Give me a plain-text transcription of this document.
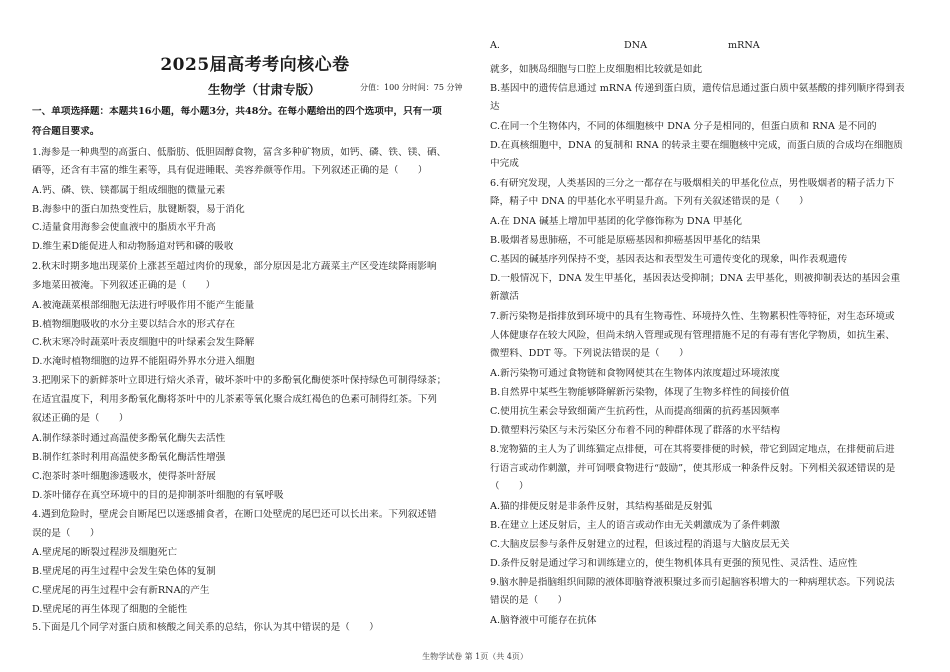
2025届高考考向核心卷
生物学（甘肃专版）	分值：100 分时间：75 分钟
一、单项选择题：本题共16小题，每小题3分，共48分。在每小题给出的四个选项中，只有一项
符合题目要求。
1.海参是一种典型的高蛋白、低脂肪、低胆固醇食物，富含多种矿物质，如钙、磷、铁、镁、硒、
硒等，还含有丰富的维生素等，具有促进睡眠、美容养颜等作用。下列叙述正确的是（　　）
A.钙、磷、铁、镁都属于组成细胞的微量元素
B.海参中的蛋白加热变性后，肽键断裂，易于消化
C.适量食用海参会使血液中的脂质水平升高
D.维生素D能促进人和动物肠道对钙和磷的吸收
2.秋末时期多地出现菜价上涨甚至超过肉价的现象，部分原因是北方蔬菜主产区受连续降雨影响
多地菜田被淹。下列叙述正确的是（　　）
A.被淹蔬菜根部细胞无法进行呼吸作用不能产生能量
B.植物细胞吸收的水分主要以结合水的形式存在
C.秋末寒冷时蔬菜叶表皮细胞中的叶绿素会发生降解
D.水淹时植物细胞的边界不能阻碍外界水分进入细胞
3.把刚采下的新鲜茶叶立即进行焙火杀青，破坏茶叶中的多酚氧化酶使茶叶保持绿色可制得绿茶；
在适宜温度下，利用多酚氧化酶将茶叶中的儿茶素等氧化聚合成红褐色的色素可制得红茶。下列
叙述正确的是（　　）
A.制作绿茶时通过高温使多酚氧化酶失去活性
B.制作红茶时利用高温使多酚氧化酶活性增强
C.泡茶时茶叶细胞渗透吸水，使得茶叶舒展
D.茶叶储存在真空环境中的目的是抑制茶叶细胞的有氧呼吸
4.遇到危险时，壁虎会自断尾巴以迷惑捕食者，在断口处壁虎的尾巴还可以长出来。下列叙述错
误的是（　　）
A.壁虎尾的断裂过程涉及细胞死亡
B.壁虎尾的再生过程中会发生染色体的复制
C.壁虎尾的再生过程中会有新RNA的产生
D.壁虎尾的再生体现了细胞的全能性
5.下面是几个同学对蛋白质和核酸之间关系的总结，你认为其中错误的是（　　）
A.	DNA	mRNA
就多，如胰岛细胞与口腔上皮细胞相比较就是如此
B.基因中的遗传信息通过 mRNA 传递到蛋白质，遗传信息通过蛋白质中氨基酸的排列顺序得到表
达
C.在同一个生物体内，不同的体细胞核中 DNA 分子是相同的，但蛋白质和 RNA 是不同的
D.在真核细胞中，DNA 的复制和 RNA 的转录主要在细胞核中完成，而蛋白质的合成均在细胞质
中完成
6.有研究发现，人类基因的三分之一都存在与吸烟相关的甲基化位点，男性吸烟者的精子活力下
降，精子中 DNA 的甲基化水平明显升高。下列有关叙述错误的是（　　）
A.在 DNA 碱基上增加甲基团的化学修饰称为 DNA 甲基化
B.吸烟者易患肺癌，不可能是原癌基因和抑癌基因甲基化的结果
C.基因的碱基序列保持不变，基因表达和表型发生可遗传变化的现象，叫作表观遗传
D.一般情况下，DNA 发生甲基化，基因表达受抑制；DNA 去甲基化，则被抑制表达的基因会重
新激活
7.新污染物是指排放到环境中的具有生物毒性、环境持久性、生物累积性等特征，对生态环境或
人体健康存在较大风险，但尚未纳入管理或现有管理措施不足的有毒有害化学物质，如抗生素、
微塑料、DDT 等。下列说法错误的是（　　）
A.新污染物可通过食物链和食物网使其在生物体内浓度超过环境浓度
B.自然界中某些生物能够降解新污染物，体现了生物多样性的间接价值
C.使用抗生素会导致细菌产生抗药性，从而提高细菌的抗药基因频率
D.微塑料污染区与未污染区分布着不同的种群体现了群落的水平结构
8.宠物猫的主人为了训练猫定点排便，可在其将要排便的时候，带它到固定地点，在排便前后进
行语言或动作刺激，并可饲喂食物进行“鼓励”，使其形成一种条件反射。下列相关叙述错误的是
（　　）
A.猫的排便反射是非条件反射，其结构基础是反射弧
B.在建立上述反射后，主人的语言或动作由无关刺激成为了条件刺激
C.大脑皮层参与条件反射建立的过程，但该过程的消退与大脑皮层无关
D.条件反射是通过学习和训练建立的，使生物机体具有更强的预见性、灵活性、适应性
9.脑水肿是指脑组织间隙的液体即脑脊液积聚过多而引起脑容积增大的一种病理状态。下列说法
错误的是（　　）
A.脑脊液中可能存在抗体
生物学试卷 第 1页（共 4页）
